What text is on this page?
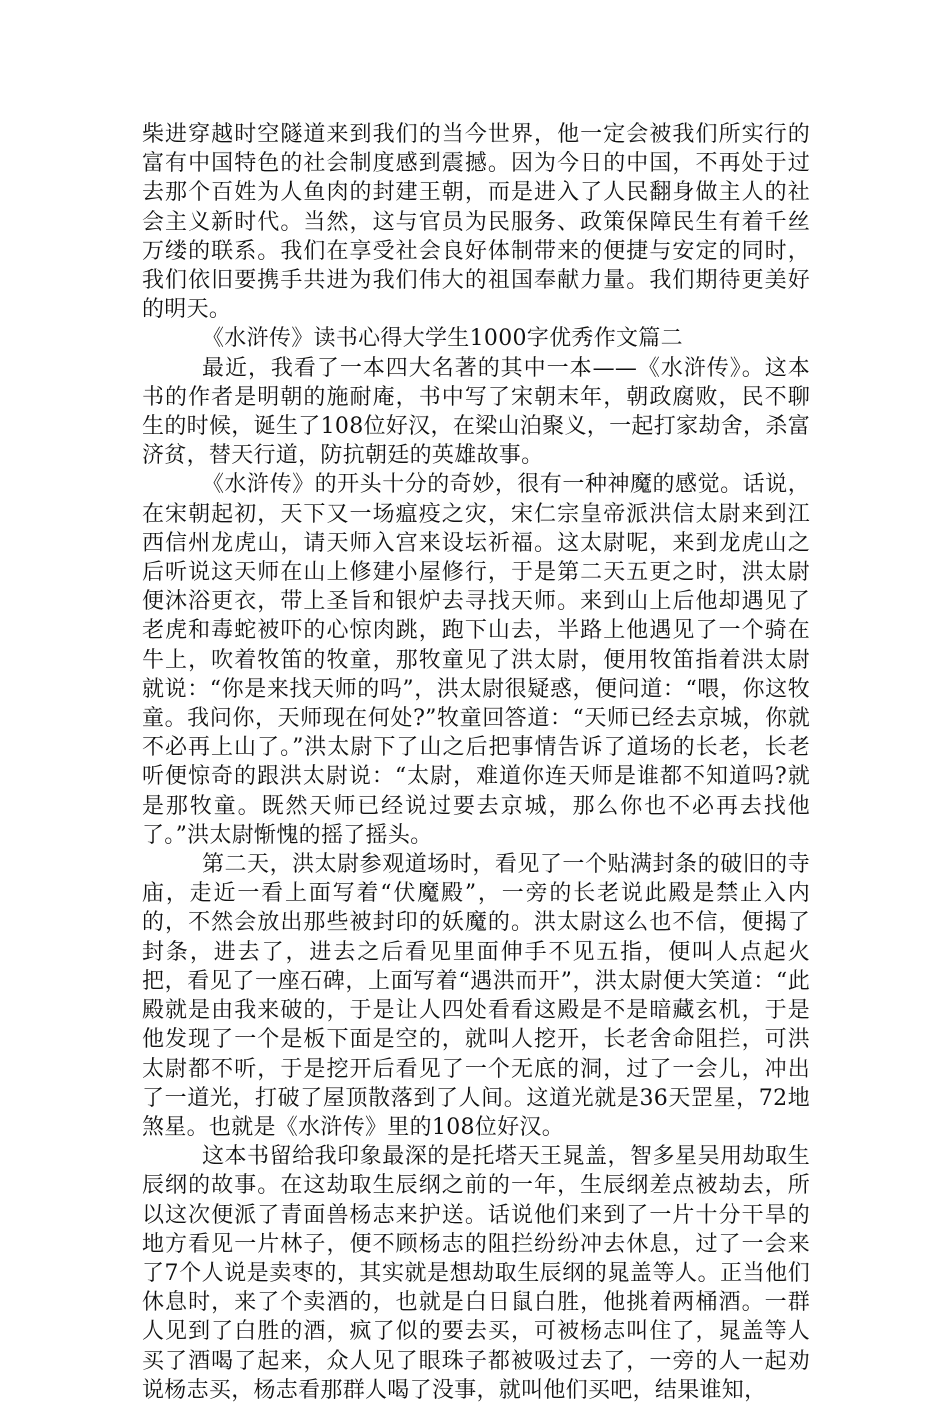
柴进穿越时空隧道来到我们的当今世界，他一定会被我们所实行的富有中国特色的社会制度感到震撼。因为今日的中国，不再处于过去那个百姓为人鱼肉的封建王朝，而是进入了人民翻身做主人的社会主义新时代。当然，这与官员为民服务、政策保障民生有着千丝万缕的联系。我们在享受社会良好体制带来的便捷与安定的同时，我们依旧要携手共进为我们伟大的祖国奉献力量。我们期待更美好的明天。

《水浒传》读书心得大学生1000字优秀作文篇二

最近，我看了一本四大名著的其中一本——《水浒传》。这本书的作者是明朝的施耐庵，书中写了宋朝末年，朝政腐败，民不聊生的时候，诞生了108位好汉，在梁山泊聚义，一起打家劫舍，杀富济贫，替天行道，防抗朝廷的英雄故事。

《水浒传》的开头十分的奇妙，很有一种神魔的感觉。话说，在宋朝起初，天下又一场瘟疫之灾，宋仁宗皇帝派洪信太尉来到江西信州龙虎山，请天师入宫来设坛祈福。这太尉呢，来到龙虎山之后听说这天师在山上修建小屋修行，于是第二天五更之时，洪太尉便沐浴更衣，带上圣旨和银炉去寻找天师。来到山上后他却遇见了老虎和毒蛇被吓的心惊肉跳，跑下山去，半路上他遇见了一个骑在牛上，吹着牧笛的牧童，那牧童见了洪太尉，便用牧笛指着洪太尉就说：“你是来找天师的吗”，洪太尉很疑惑，便问道：“喂，你这牧童。我问你，天师现在何处?”牧童回答道：“天师已经去京城，你就不必再上山了。”洪太尉下了山之后把事情告诉了道场的长老，长老听便惊奇的跟洪太尉说：“太尉，难道你连天师是谁都不知道吗?就是那牧童。既然天师已经说过要去京城，那么你也不必再去找他了。”洪太尉惭愧的摇了摇头。

第二天，洪太尉参观道场时，看见了一个贴满封条的破旧的寺庙，走近一看上面写着“伏魔殿”，一旁的长老说此殿是禁止入内的，不然会放出那些被封印的妖魔的。洪太尉这么也不信，便揭了封条，进去了，进去之后看见里面伸手不见五指，便叫人点起火把，看见了一座石碑，上面写着“遇洪而开”，洪太尉便大笑道：“此殿就是由我来破的，于是让人四处看看这殿是不是暗藏玄机，于是他发现了一个是板下面是空的，就叫人挖开，长老舍命阻拦，可洪太尉都不听，于是挖开后看见了一个无底的洞，过了一会儿，冲出了一道光，打破了屋顶散落到了人间。这道光就是36天罡星，72地煞星。也就是《水浒传》里的108位好汉。

这本书留给我印象最深的是托塔天王晁盖，智多星吴用劫取生辰纲的故事。在这劫取生辰纲之前的一年，生辰纲差点被劫去，所以这次便派了青面兽杨志来护送。话说他们来到了一片十分干旱的地方看见一片林子，便不顾杨志的阻拦纷纷冲去休息，过了一会来了7个人说是卖枣的，其实就是想劫取生辰纲的晁盖等人。正当他们休息时，来了个卖酒的，也就是白日鼠白胜，他挑着两桶酒。一群人见到了白胜的酒，疯了似的要去买，可被杨志叫住了，晁盖等人买了酒喝了起来，众人见了眼珠子都被吸过去了，一旁的人一起劝说杨志买，杨志看那群人喝了没事，就叫他们买吧，结果谁知，
